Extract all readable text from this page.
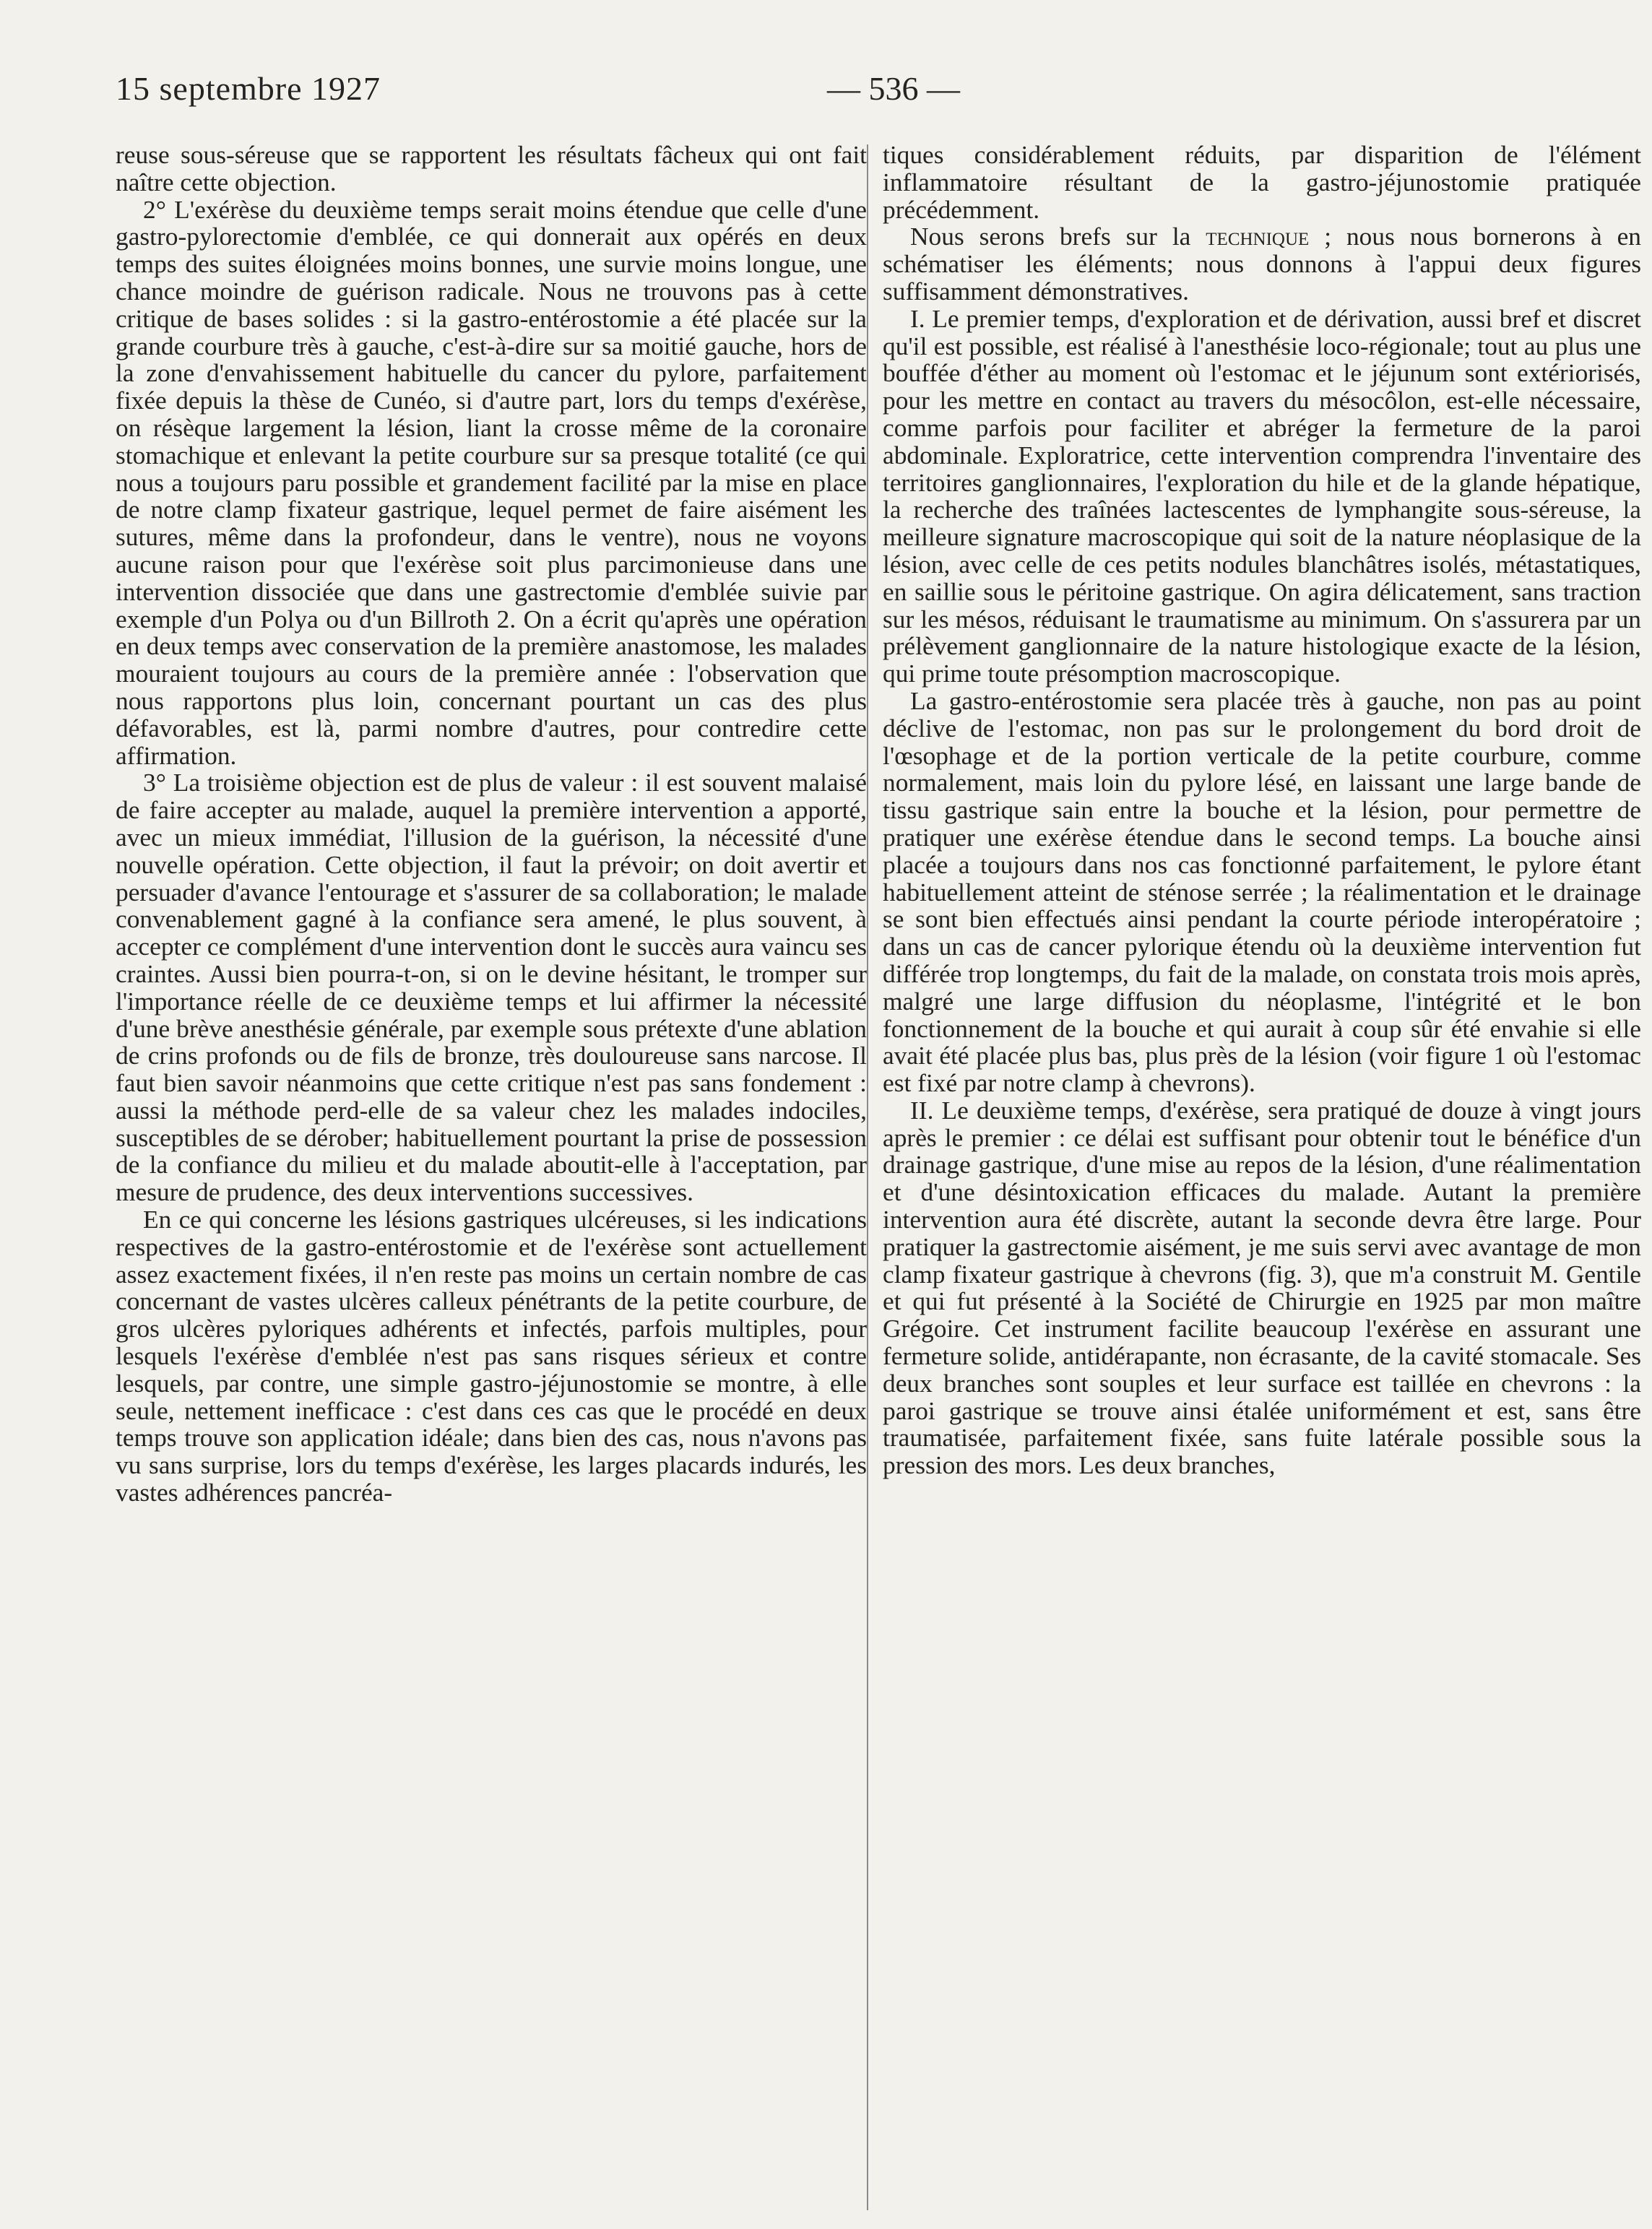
15 septembre 1927	— 536 —

reuse sous-séreuse que se rapportent les résultats fâcheux qui ont fait naître cette objection.

2° L'exérèse du deuxième temps serait moins étendue que celle d'une gastro-pylorectomie d'emblée, ce qui donnerait aux opérés en deux temps des suites éloignées moins bonnes, une survie moins longue, une chance moindre de guérison radicale. Nous ne trouvons pas à cette critique de bases solides : si la gastro-entérostomie a été placée sur la grande courbure très à gauche, c'est-à-dire sur sa moitié gauche, hors de la zone d'envahissement habituelle du cancer du pylore, parfaitement fixée depuis la thèse de Cunéo, si d'autre part, lors du temps d'exérèse, on résèque largement la lésion, liant la crosse même de la coronaire stomachique et enlevant la petite courbure sur sa presque totalité (ce qui nous a toujours paru possible et grandement facilité par la mise en place de notre clamp fixateur gastrique, lequel permet de faire aisément les sutures, même dans la profondeur, dans le ventre), nous ne voyons aucune raison pour que l'exérèse soit plus parcimonieuse dans une intervention dissociée que dans une gastrectomie d'emblée suivie par exemple d'un Polya ou d'un Billroth 2. On a écrit qu'après une opération en deux temps avec conservation de la première anastomose, les malades mouraient toujours au cours de la première année : l'observation que nous rapportons plus loin, concernant pourtant un cas des plus défavorables, est là, parmi nombre d'autres, pour contredire cette affirmation.

3° La troisième objection est de plus de valeur : il est souvent malaisé de faire accepter au malade, auquel la première intervention a apporté, avec un mieux immédiat, l'illusion de la guérison, la nécessité d'une nouvelle opération. Cette objection, il faut la prévoir; on doit avertir et persuader d'avance l'entourage et s'assurer de sa collaboration; le malade convenablement gagné à la confiance sera amené, le plus souvent, à accepter ce complément d'une intervention dont le succès aura vaincu ses craintes. Aussi bien pourra-t-on, si on le devine hésitant, le tromper sur l'importance réelle de ce deuxième temps et lui affirmer la nécessité d'une brève anesthésie générale, par exemple sous prétexte d'une ablation de crins profonds ou de fils de bronze, très douloureuse sans narcose. Il faut bien savoir néanmoins que cette critique n'est pas sans fondement : aussi la méthode perd-elle de sa valeur chez les malades indociles, susceptibles de se dérober; habituellement pourtant la prise de possession de la confiance du milieu et du malade aboutit-elle à l'acceptation, par mesure de prudence, des deux interventions successives.

En ce qui concerne les lésions gastriques ulcéreuses, si les indications respectives de la gastro-entérostomie et de l'exérèse sont actuellement assez exactement fixées, il n'en reste pas moins un certain nombre de cas concernant de vastes ulcères calleux pénétrants de la petite courbure, de gros ulcères pyloriques adhérents et infectés, parfois multiples, pour lesquels l'exérèse d'emblée n'est pas sans risques sérieux et contre lesquels, par contre, une simple gastro-jéjunostomie se montre, à elle seule, nettement inefficace : c'est dans ces cas que le procédé en deux temps trouve son application idéale; dans bien des cas, nous n'avons pas vu sans surprise, lors du temps d'exérèse, les larges placards indurés, les vastes adhérences pancréa-

tiques considérablement réduits, par disparition de l'élément inflammatoire résultant de la gastro-jéjunostomie pratiquée précédemment.

Nous serons brefs sur la technique ; nous nous bornerons à en schématiser les éléments; nous donnons à l'appui deux figures suffisamment démonstratives.

I. Le premier temps, d'exploration et de dérivation, aussi bref et discret qu'il est possible, est réalisé à l'anesthésie loco-régionale; tout au plus une bouffée d'éther au moment où l'estomac et le jéjunum sont extériorisés, pour les mettre en contact au travers du mésocôlon, est-elle nécessaire, comme parfois pour faciliter et abréger la fermeture de la paroi abdominale. Exploratrice, cette intervention comprendra l'inventaire des territoires ganglionnaires, l'exploration du hile et de la glande hépatique, la recherche des traînées lactescentes de lymphangite sous-séreuse, la meilleure signature macroscopique qui soit de la nature néoplasique de la lésion, avec celle de ces petits nodules blanchâtres isolés, métastatiques, en saillie sous le péritoine gastrique. On agira délicatement, sans traction sur les mésos, réduisant le traumatisme au minimum. On s'assurera par un prélèvement ganglionnaire de la nature histologique exacte de la lésion, qui prime toute présomption macroscopique.

La gastro-entérostomie sera placée très à gauche, non pas au point déclive de l'estomac, non pas sur le prolongement du bord droit de l'œsophage et de la portion verticale de la petite courbure, comme normalement, mais loin du pylore lésé, en laissant une large bande de tissu gastrique sain entre la bouche et la lésion, pour permettre de pratiquer une exérèse étendue dans le second temps. La bouche ainsi placée a toujours dans nos cas fonctionné parfaitement, le pylore étant habituellement atteint de sténose serrée ; la réalimentation et le drainage se sont bien effectués ainsi pendant la courte période interopératoire ; dans un cas de cancer pylorique étendu où la deuxième intervention fut différée trop longtemps, du fait de la malade, on constata trois mois après, malgré une large diffusion du néoplasme, l'intégrité et le bon fonctionnement de la bouche et qui aurait à coup sûr été envahie si elle avait été placée plus bas, plus près de la lésion (voir figure 1 où l'estomac est fixé par notre clamp à chevrons).

II. Le deuxième temps, d'exérèse, sera pratiqué de douze à vingt jours après le premier : ce délai est suffisant pour obtenir tout le bénéfice d'un drainage gastrique, d'une mise au repos de la lésion, d'une réalimentation et d'une désintoxication efficaces du malade. Autant la première intervention aura été discrète, autant la seconde devra être large. Pour pratiquer la gastrectomie aisément, je me suis servi avec avantage de mon clamp fixateur gastrique à chevrons (fig. 3), que m'a construit M. Gentile et qui fut présenté à la Société de Chirurgie en 1925 par mon maître Grégoire. Cet instrument facilite beaucoup l'exérèse en assurant une fermeture solide, antidérapante, non écrasante, de la cavité stomacale. Ses deux branches sont souples et leur surface est taillée en chevrons : la paroi gastrique se trouve ainsi étalée uniformément et est, sans être traumatisée, parfaitement fixée, sans fuite latérale possible sous la pression des mors. Les deux branches,
